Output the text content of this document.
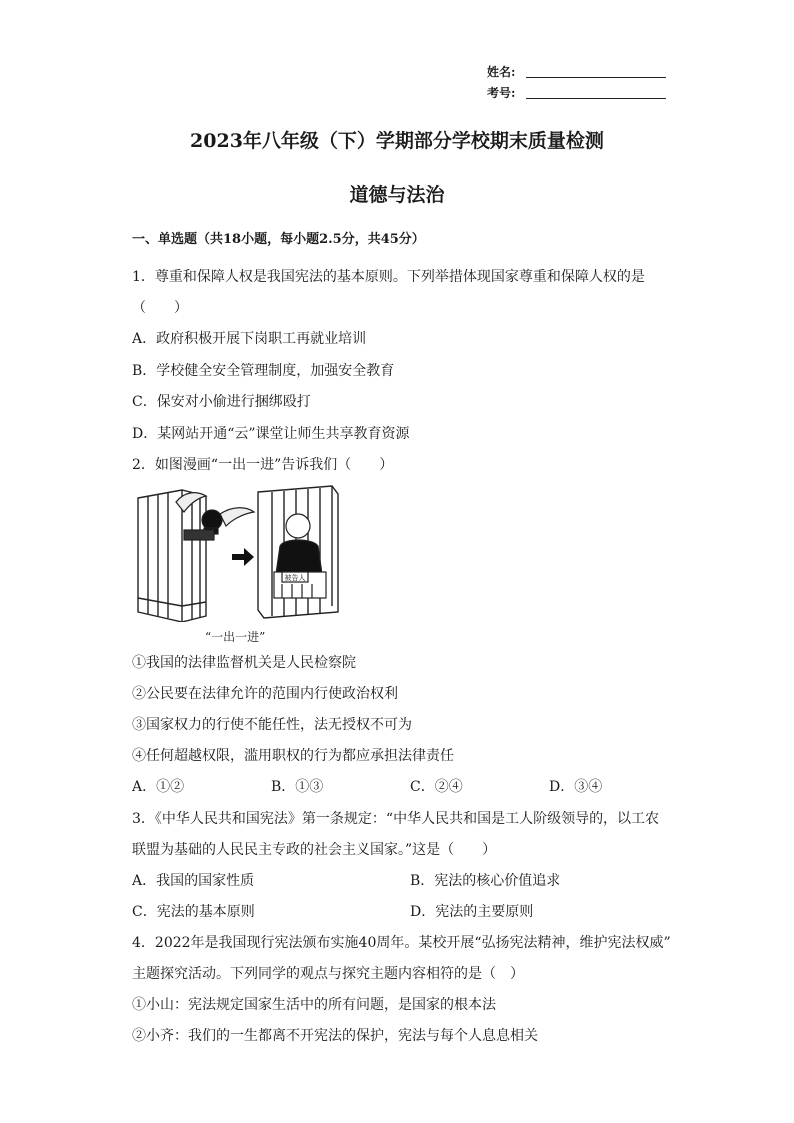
姓名:
考号:
2023年八年级（下）学期部分学校期末质量检测
道德与法治
一、单选题（共18小题，每小题2.5分，共45分）
1．尊重和保障人权是我国宪法的基本原则。下列举措体现国家尊重和保障人权的是
（　　）
A．政府积极开展下岗职工再就业培训
B．学校健全安全管理制度，加强安全教育
C．保安对小偷进行捆绑殴打
D．某网站开通“云”课堂让师生共享教育资源
2．如图漫画“一出一进”告诉我们（　　）
被告人
“一出一进”
①我国的法律监督机关是人民检察院
②公民要在法律允许的范围内行使政治权利
③国家权力的行使不能任性，法无授权不可为
④任何超越权限，滥用职权的行为都应承担法律责任
A．①②	B．①③	C．②④	D．③④
3．《中华人民共和国宪法》第一条规定：“中华人民共和国是工人阶级领导的，以工农
联盟为基础的人民民主专政的社会主义国家。”这是（　　）
A．我国的国家性质	B．宪法的核心价值追求
C．宪法的基本原则	D．宪法的主要原则
4．2022年是我国现行宪法颁布实施40周年。某校开展“弘扬宪法精神，维护宪法权威”
主题探究活动。下列同学的观点与探究主题内容相符的是（　）
①小山：宪法规定国家生活中的所有问题，是国家的根本法
②小齐：我们的一生都离不开宪法的保护，宪法与每个人息息相关
